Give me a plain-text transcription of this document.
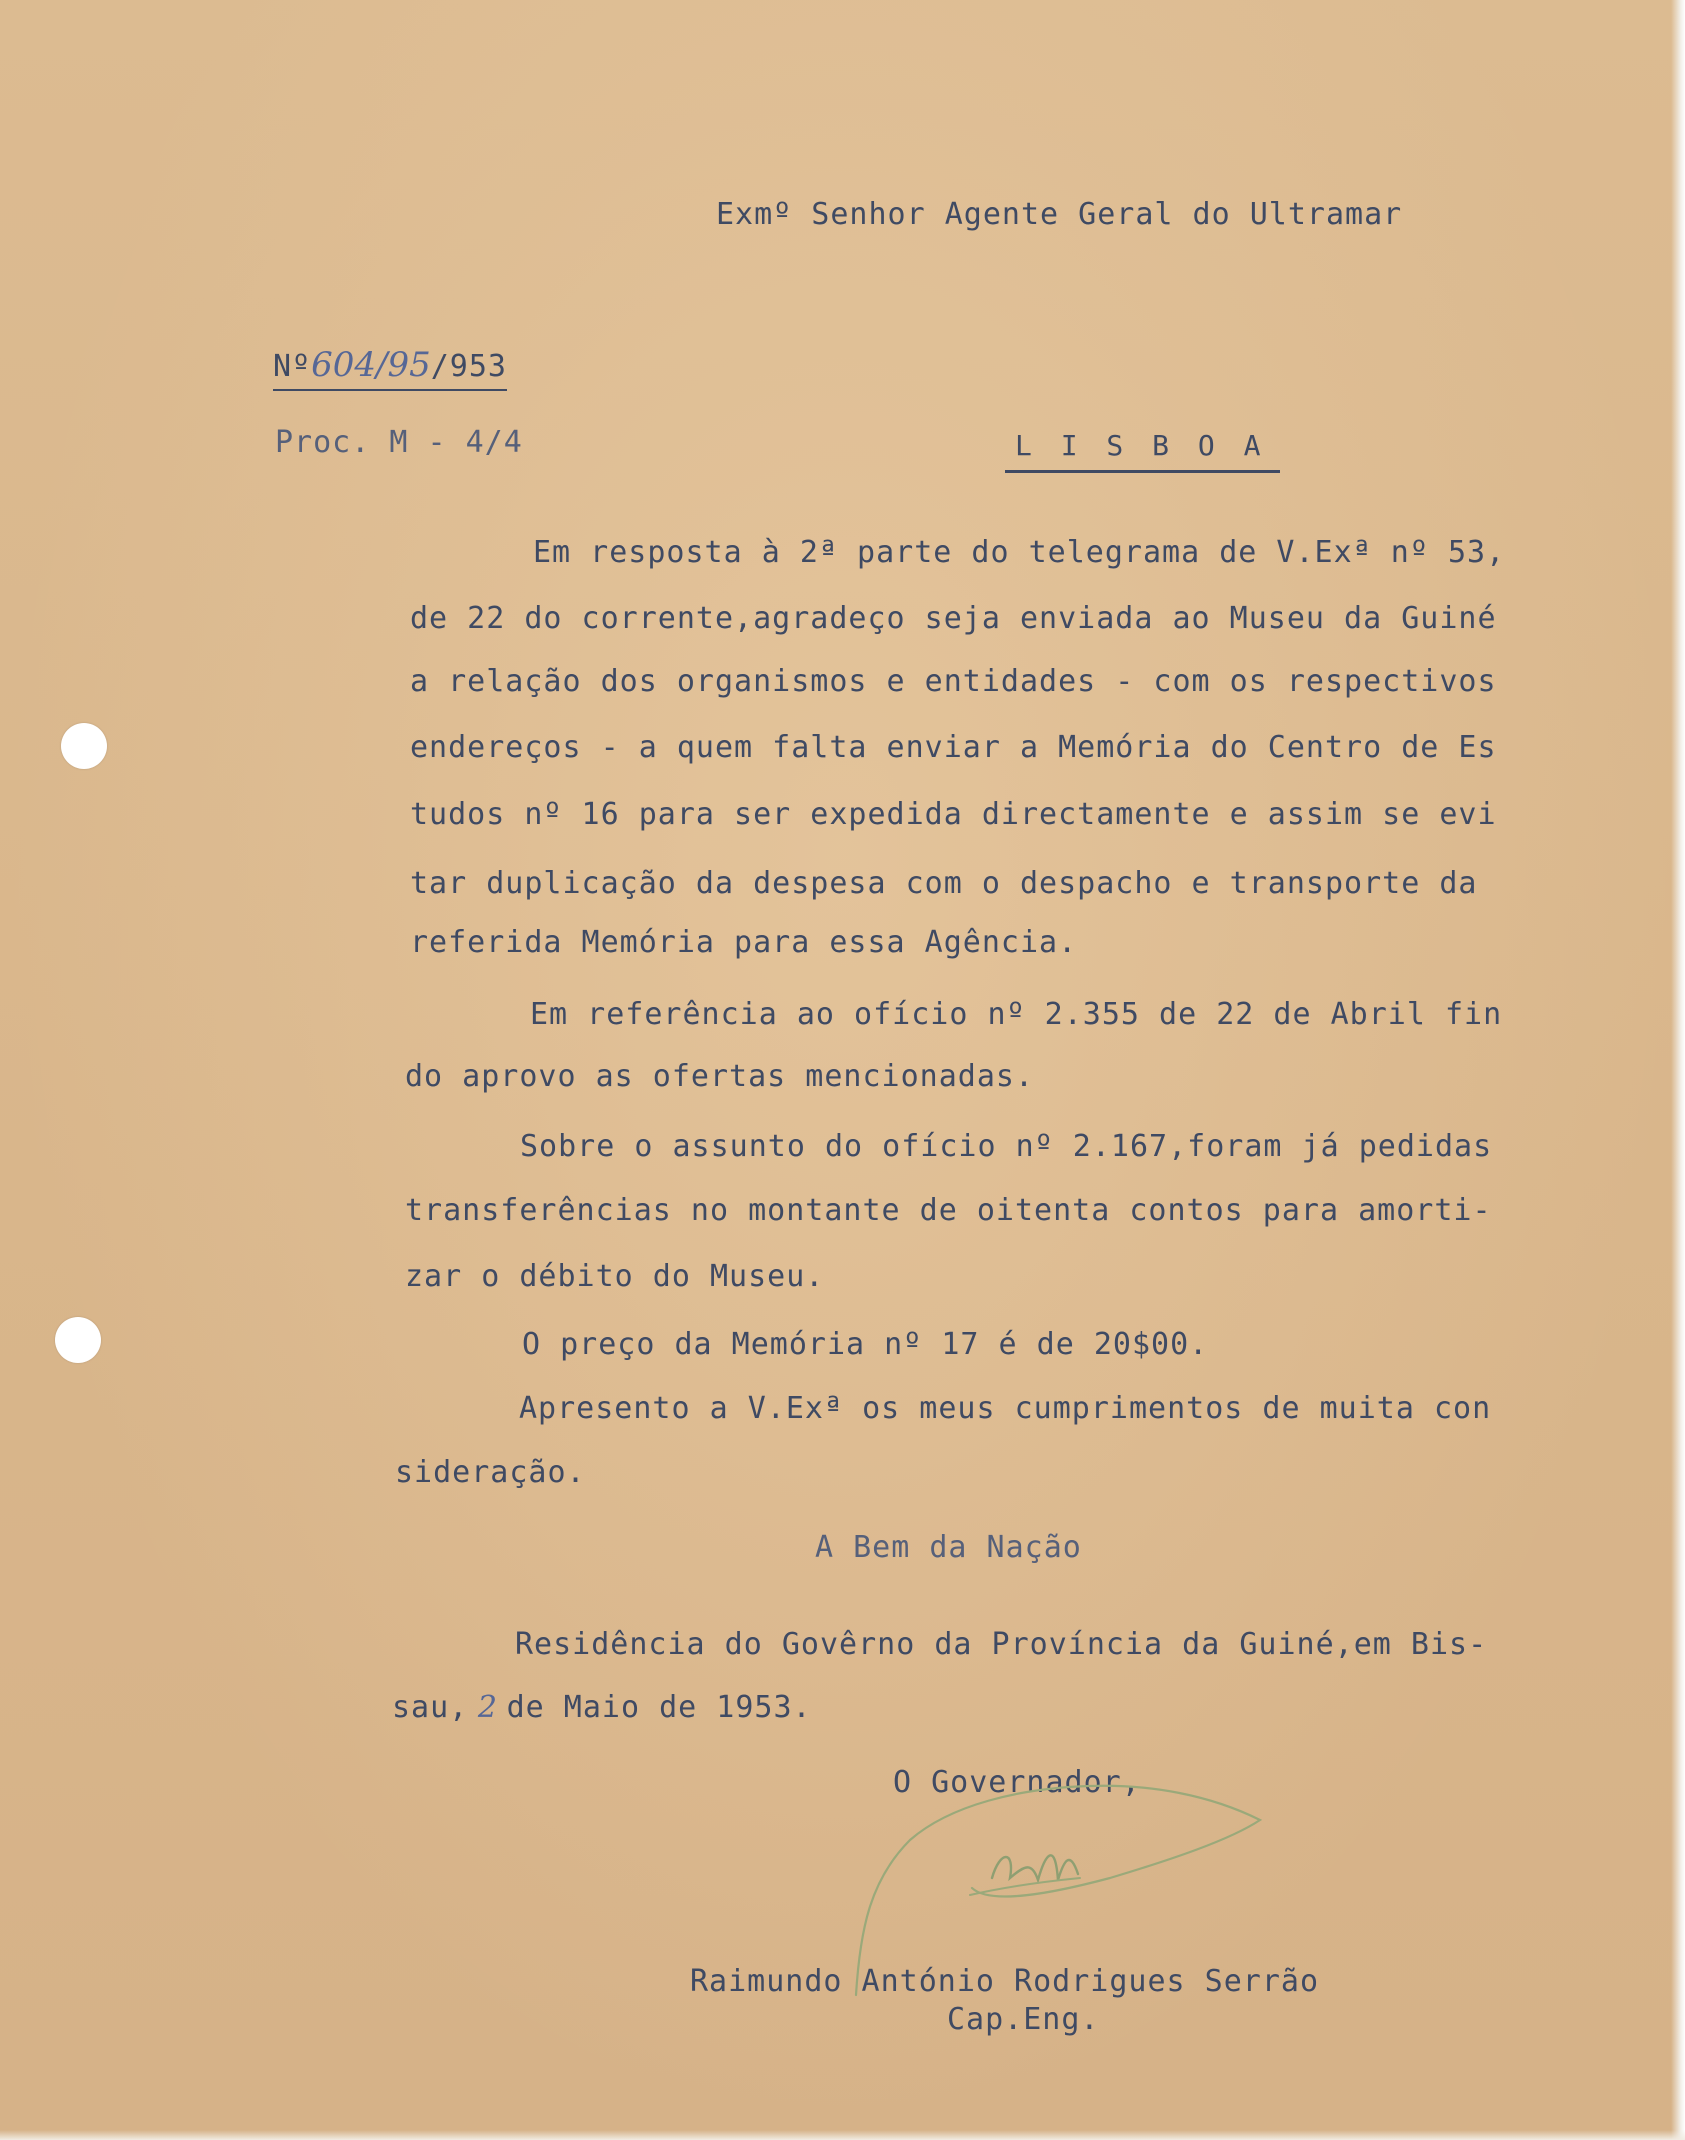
Exmº Senhor Agente Geral do Ultramar
Nº604/95/953
Proc. M - 4/4	L I S B O A
Em resposta à 2ª parte do telegrama de V.Exª nº 53,
de 22 do corrente,agradeço seja enviada ao Museu da Guiné
a relação dos organismos e entidades - com os respectivos
endereços - a quem falta enviar a Memória do Centro de Es
tudos nº 16 para ser expedida directamente e assim se evi
tar duplicação da despesa com o despacho e transporte da
referida Memória para essa Agência.
Em referência ao ofício nº 2.355 de 22 de Abril fin
do aprovo as ofertas mencionadas.
Sobre o assunto do ofício nº 2.167,foram já pedidas
transferências no montante de oitenta contos para amorti-
zar o débito do Museu.
O preço da Memória nº 17 é de 20$00.
Apresento a V.Exª os meus cumprimentos de muita con
sideração.
A Bem da Nação
Residência do Govêrno da Província da Guiné,em Bis-
sau, 2 de Maio de 1953.
O Governador,
Raimundo António Rodrigues Serrão
Cap.Eng.
